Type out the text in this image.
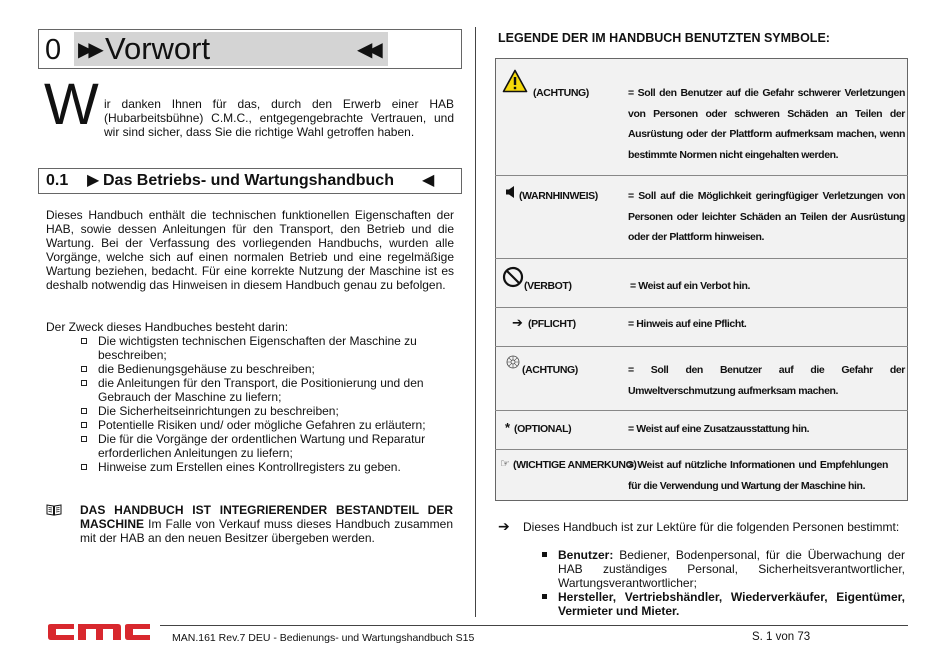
0 ▶▶ Vorwort	◀◀
W ir danken Ihnen für das, durch den Erwerb einer HAB (Hubarbeitsbühne) C.M.C., entgegengebrachte Vertrauen, und wir sind sicher, dass Sie die richtige Wahl getroffen haben.
0.1 ▶ Das Betriebs- und Wartungshandbuch ◀
Dieses Handbuch enthält die technischen funktionellen Eigenschaften der HAB, sowie dessen Anleitungen für den Transport, den Betrieb und die Wartung. Bei der Verfassung des vorliegenden Handbuchs, wurden alle Vorgänge, welche sich auf einen normalen Betrieb und eine regelmäßige Wartung beziehen, bedacht. Für eine korrekte Nutzung der Maschine ist es deshalb notwendig das Hinweisen in diesem Handbuch genau zu befolgen.
Der Zweck dieses Handbuches besteht darin:
Die wichtigsten technischen Eigenschaften der Maschine zu beschreiben;
die Bedienungsgehäuse zu beschreiben;
die Anleitungen für den Transport, die Positionierung und den Gebrauch der Maschine zu liefern;
Die Sicherheitseinrichtungen zu beschreiben;
Potentielle Risiken und/ oder mögliche Gefahren zu erläutern;
Die für die Vorgänge der ordentlichen Wartung und Reparatur erforderlichen Anleitungen zu liefern;
Hinweise zum Erstellen eines Kontrollregisters zu geben.
DAS HANDBUCH IST INTEGRIERENDER BESTANDTEIL DER MASCHINE Im Falle von Verkauf muss dieses Handbuch zusammen mit der HAB an den neuen Besitzer übergeben werden.
LEGENDE DER IM HANDBUCH BENUTZTEN SYMBOLE:
(ACHTUNG)	= Soll den Benutzer auf die Gefahr schwerer Verletzungen von Personen oder schweren Schäden an Teilen der Ausrüstung oder der Plattform aufmerksam machen, wenn bestimmte Normen nicht eingehalten werden.
(WARNHINWEIS)	= Soll auf die Möglichkeit geringfügiger Verletzungen von Personen oder leichter Schäden an Teilen der Ausrüstung oder der Plattform hinweisen.
(VERBOT)	= Weist auf ein Verbot hin.
➔ (PFLICHT)	= Hinweis auf eine Pflicht.
(ACHTUNG)	= Soll den Benutzer auf die Gefahr der Umweltverschmutzung aufmerksam machen.
* (OPTIONAL)	= Weist auf eine Zusatzausstattung hin.
☞ (WICHTIGE ANMERKUNG)
= Weist auf nützliche Informationen und Empfehlungen für die Verwendung und Wartung der Maschine hin.
➔ Dieses Handbuch ist zur Lektüre für die folgenden Personen bestimmt:
Benutzer: Bediener, Bodenpersonal, für die Überwachung der HAB zuständiges Personal, Sicherheitsverantwortlicher, Wartungsverantwortlicher;
Hersteller, Vertriebshändler, Wiederverkäufer, Eigentümer, Vermieter und Mieter.
MAN.161 Rev.7 DEU - Bedienungs- und Wartungshandbuch S15	S. 1 von 73
